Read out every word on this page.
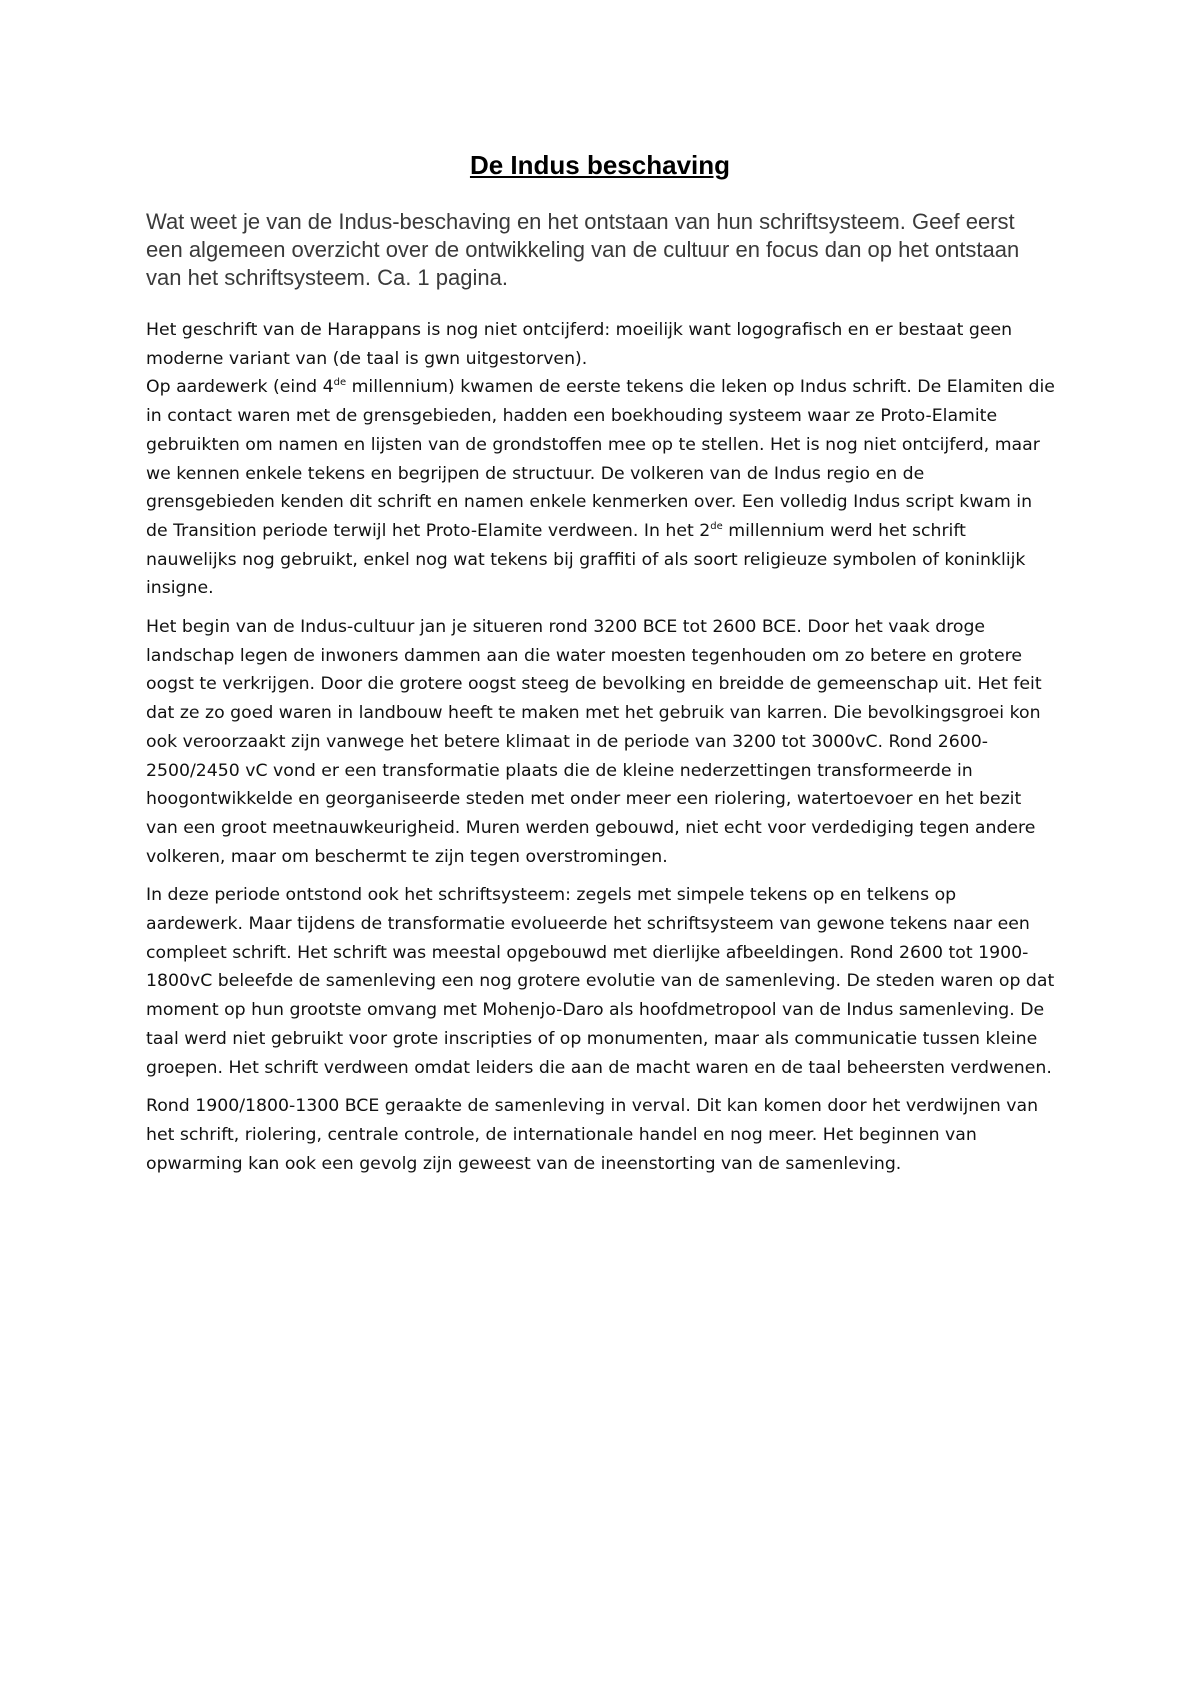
De Indus beschaving

Wat weet je van de Indus-beschaving en het ontstaan van hun schriftsysteem. Geef eerst een algemeen overzicht over de ontwikkeling van de cultuur en focus dan op het ontstaan van het schriftsysteem. Ca. 1 pagina.

Het geschrift van de Harappans is nog niet ontcijferd: moeilijk want logografisch en er bestaat geen moderne variant van (de taal is gwn uitgestorven).

Op aardewerk (eind 4de millennium) kwamen de eerste tekens die leken op Indus schrift. De Elamiten die in contact waren met de grensgebieden, hadden een boekhouding systeem waar ze Proto-Elamite gebruikten om namen en lijsten van de grondstoffen mee op te stellen. Het is nog niet ontcijferd, maar we kennen enkele tekens en begrijpen de structuur. De volkeren van de Indus regio en de grensgebieden kenden dit schrift en namen enkele kenmerken over. Een volledig Indus script kwam in de Transition periode terwijl het Proto-Elamite verdween. In het 2de millennium werd het schrift nauwelijks nog gebruikt, enkel nog wat tekens bij graffiti of als soort religieuze symbolen of koninklijk insigne.

Het begin van de Indus-cultuur jan je situeren rond 3200 BCE tot 2600 BCE. Door het vaak droge landschap legen de inwoners dammen aan die water moesten tegenhouden om zo betere en grotere oogst te verkrijgen. Door die grotere oogst steeg de bevolking en breidde de gemeenschap uit. Het feit dat ze zo goed waren in landbouw heeft te maken met het gebruik van karren. Die bevolkingsgroei kon ook veroorzaakt zijn vanwege het betere klimaat in de periode van 3200 tot 3000vC. Rond 2600-2500/2450 vC vond er een transformatie plaats die de kleine nederzettingen transformeerde in hoogontwikkelde en georganiseerde steden met onder meer een riolering, watertoevoer en het bezit van een groot meetnauwkeurigheid. Muren werden gebouwd, niet echt voor verdediging tegen andere volkeren, maar om beschermt te zijn tegen overstromingen.

In deze periode ontstond ook het schriftsysteem: zegels met simpele tekens op en telkens op aardewerk. Maar tijdens de transformatie evolueerde het schriftsysteem van gewone tekens naar een compleet schrift. Het schrift was meestal opgebouwd met dierlijke afbeeldingen. Rond 2600 tot 1900-1800vC beleefde de samenleving een nog grotere evolutie van de samenleving. De steden waren op dat moment op hun grootste omvang met Mohenjo-Daro als hoofdmetropool van de Indus samenleving. De taal werd niet gebruikt voor grote inscripties of op monumenten, maar als communicatie tussen kleine groepen. Het schrift verdween omdat leiders die aan de macht waren en de taal beheersten verdwenen.

Rond 1900/1800-1300 BCE geraakte de samenleving in verval. Dit kan komen door het verdwijnen van het schrift, riolering, centrale controle, de internationale handel en nog meer. Het beginnen van opwarming kan ook een gevolg zijn geweest van de ineenstorting van de samenleving.
